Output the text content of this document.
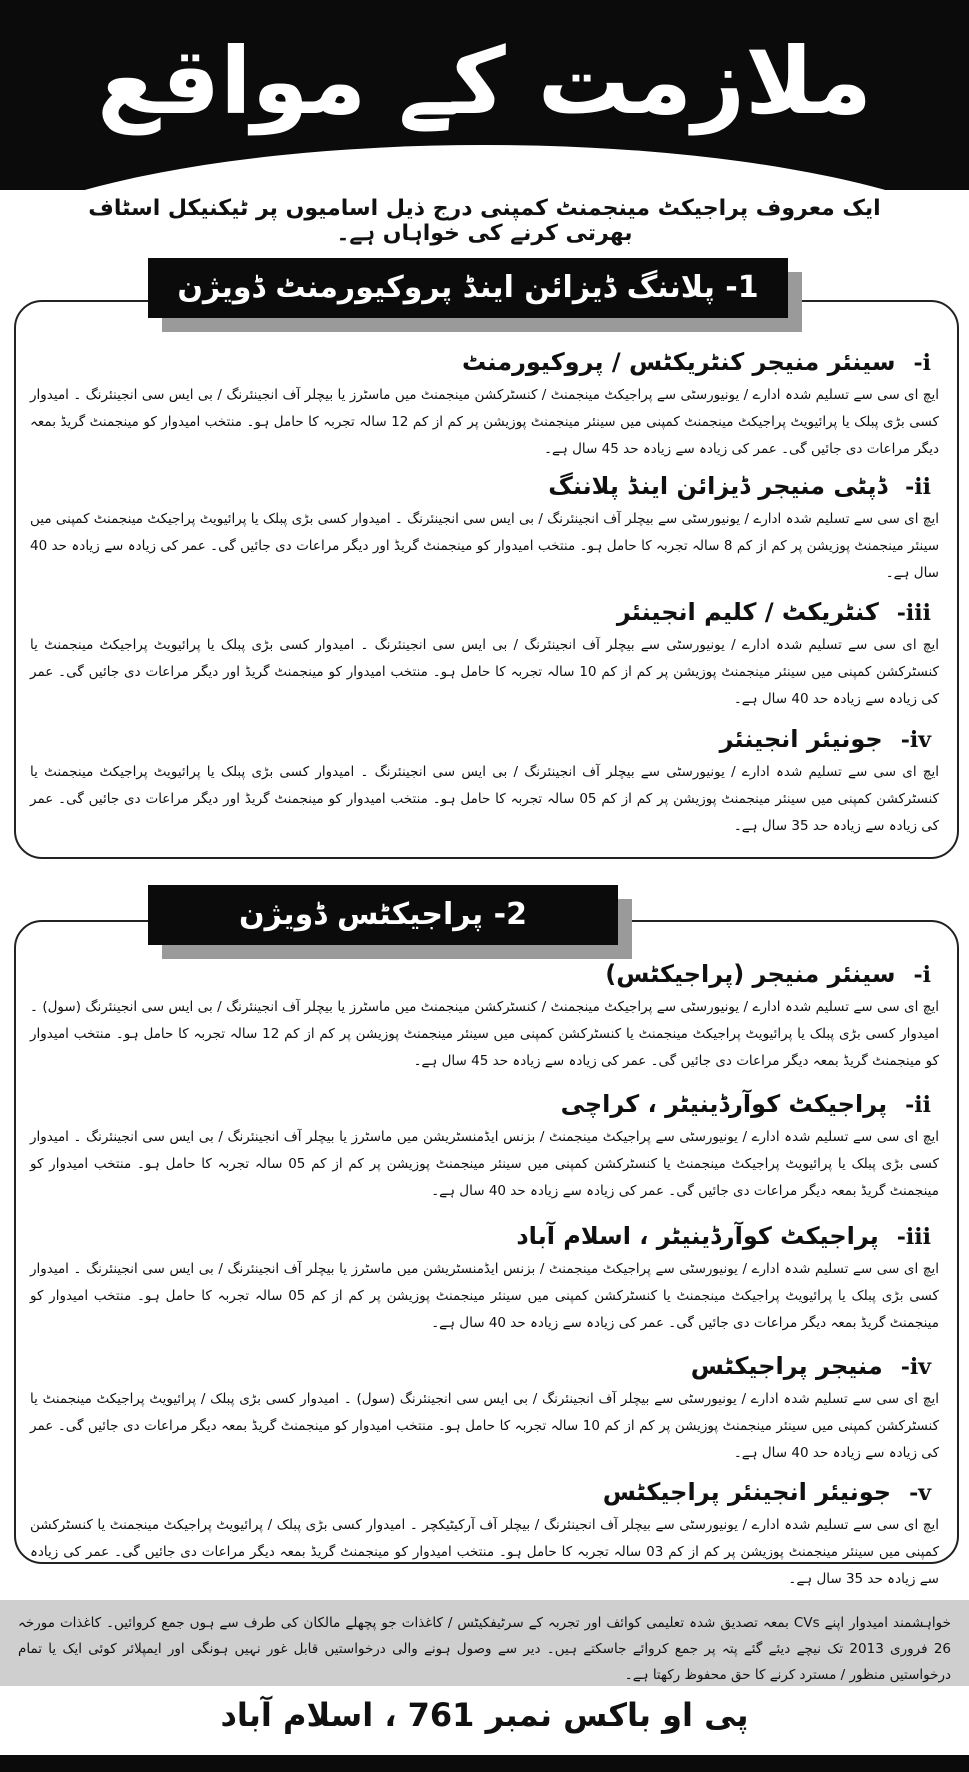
ملازمت کے مواقع
ایک معروف پراجیکٹ مینجمنٹ کمپنی درج ذیل اسامیوں پر ٹیکنیکل اسٹاف بھرتی کرنے کی خواہاں ہے۔
1- پلاننگ ڈیزائن اینڈ پروکیورمنٹ ڈویژن
-i
سینئر منیجر کنٹریکٹس / پروکیورمنٹ
ایچ ای سی سے تسلیم شدہ ادارے / یونیورسٹی سے پراجیکٹ مینجمنٹ / کنسٹرکشن مینجمنٹ میں ماسٹرز یا بیچلر آف انجینئرنگ / بی ایس سی انجینئرنگ ۔ امیدوار کسی بڑی پبلک یا پرائیویٹ پراجیکٹ مینجمنٹ کمپنی میں سینئر مینجمنٹ پوزیشن پر کم از کم 12 سالہ تجربہ کا حامل ہو۔ منتخب امیدوار کو مینجمنٹ گریڈ بمعہ دیگر مراعات دی جائیں گی۔ عمر کی زیادہ سے زیادہ حد 45 سال ہے۔
-ii
ڈپٹی منیجر ڈیزائن اینڈ پلاننگ
ایچ ای سی سے تسلیم شدہ ادارے / یونیورسٹی سے بیچلر آف انجینئرنگ / بی ایس سی انجینئرنگ ۔ امیدوار کسی بڑی پبلک یا پرائیویٹ پراجیکٹ مینجمنٹ کمپنی میں سینئر مینجمنٹ پوزیشن پر کم از کم 8 سالہ تجربہ کا حامل ہو۔ منتخب امیدوار کو مینجمنٹ گریڈ اور دیگر مراعات دی جائیں گی۔ عمر کی زیادہ سے زیادہ حد 40 سال ہے۔
-iii
کنٹریکٹ / کلیم انجینئر
ایچ ای سی سے تسلیم شدہ ادارے / یونیورسٹی سے بیچلر آف انجینئرنگ / بی ایس سی انجینئرنگ ۔ امیدوار کسی بڑی پبلک یا پرائیویٹ پراجیکٹ مینجمنٹ یا کنسٹرکشن کمپنی میں سینئر مینجمنٹ پوزیشن پر کم از کم 10 سالہ تجربہ کا حامل ہو۔ منتخب امیدوار کو مینجمنٹ گریڈ اور دیگر مراعات دی جائیں گی۔ عمر کی زیادہ سے زیادہ حد 40 سال ہے۔
-iv
جونیئر انجینئر
ایچ ای سی سے تسلیم شدہ ادارے / یونیورسٹی سے بیچلر آف انجینئرنگ / بی ایس سی انجینئرنگ ۔ امیدوار کسی بڑی پبلک یا پرائیویٹ پراجیکٹ مینجمنٹ یا کنسٹرکشن کمپنی میں سینئر مینجمنٹ پوزیشن پر کم از کم 05 سالہ تجربہ کا حامل ہو۔ منتخب امیدوار کو مینجمنٹ گریڈ اور دیگر مراعات دی جائیں گی۔ عمر کی زیادہ سے زیادہ حد 35 سال ہے۔
2- پراجیکٹس ڈویژن
-i
سینئر منیجر (پراجیکٹس)
ایچ ای سی سے تسلیم شدہ ادارے / یونیورسٹی سے پراجیکٹ مینجمنٹ / کنسٹرکشن مینجمنٹ میں ماسٹرز یا بیچلر آف انجینئرنگ / بی ایس سی انجینئرنگ (سول) ۔ امیدوار کسی بڑی پبلک یا پرائیویٹ پراجیکٹ مینجمنٹ یا کنسٹرکشن کمپنی میں سینئر مینجمنٹ پوزیشن پر کم از کم 12 سالہ تجربہ کا حامل ہو۔ منتخب امیدوار کو مینجمنٹ گریڈ بمعہ دیگر مراعات دی جائیں گی۔ عمر کی زیادہ سے زیادہ حد 45 سال ہے۔
-ii
پراجیکٹ کوآرڈینیٹر ، کراچی
ایچ ای سی سے تسلیم شدہ ادارے / یونیورسٹی سے پراجیکٹ مینجمنٹ / بزنس ایڈمنسٹریشن میں ماسٹرز یا بیچلر آف انجینئرنگ / بی ایس سی انجینئرنگ ۔ امیدوار کسی بڑی پبلک یا پرائیویٹ پراجیکٹ مینجمنٹ یا کنسٹرکشن کمپنی میں سینئر مینجمنٹ پوزیشن پر کم از کم 05 سالہ تجربہ کا حامل ہو۔ منتخب امیدوار کو مینجمنٹ گریڈ بمعہ دیگر مراعات دی جائیں گی۔ عمر کی زیادہ سے زیادہ حد 40 سال ہے۔
-iii
پراجیکٹ کوآرڈینیٹر ، اسلام آباد
ایچ ای سی سے تسلیم شدہ ادارے / یونیورسٹی سے پراجیکٹ مینجمنٹ / بزنس ایڈمنسٹریشن میں ماسٹرز یا بیچلر آف انجینئرنگ / بی ایس سی انجینئرنگ ۔ امیدوار کسی بڑی پبلک یا پرائیویٹ پراجیکٹ مینجمنٹ یا کنسٹرکشن کمپنی میں سینئر مینجمنٹ پوزیشن پر کم از کم 05 سالہ تجربہ کا حامل ہو۔ منتخب امیدوار کو مینجمنٹ گریڈ بمعہ دیگر مراعات دی جائیں گی۔ عمر کی زیادہ سے زیادہ حد 40 سال ہے۔
-iv
منیجر پراجیکٹس
ایچ ای سی سے تسلیم شدہ ادارے / یونیورسٹی سے بیچلر آف انجینئرنگ / بی ایس سی انجینئرنگ (سول) ۔ امیدوار کسی بڑی پبلک / پرائیویٹ پراجیکٹ مینجمنٹ یا کنسٹرکشن کمپنی میں سینئر مینجمنٹ پوزیشن پر کم از کم 10 سالہ تجربہ کا حامل ہو۔ منتخب امیدوار کو مینجمنٹ گریڈ بمعہ دیگر مراعات دی جائیں گی۔ عمر کی زیادہ سے زیادہ حد 40 سال ہے۔
-v
جونیئر انجینئر پراجیکٹس
ایچ ای سی سے تسلیم شدہ ادارے / یونیورسٹی سے بیچلر آف انجینئرنگ / بیچلر آف آرکیٹیکچر ۔ امیدوار کسی بڑی پبلک / پرائیویٹ پراجیکٹ مینجمنٹ یا کنسٹرکشن کمپنی میں سینئر مینجمنٹ پوزیشن پر کم از کم 03 سالہ تجربہ کا حامل ہو۔ منتخب امیدوار کو مینجمنٹ گریڈ بمعہ دیگر مراعات دی جائیں گی۔ عمر کی زیادہ سے زیادہ حد 35 سال ہے۔
خواہشمند امیدوار اپنے CVs بمعہ تصدیق شدہ تعلیمی کوائف اور تجربہ کے سرٹیفکیٹس / کاغذات جو پچھلے مالکان کی طرف سے ہوں جمع کروائیں۔ کاغذات مورخہ 26 فروری 2013 تک نیچے دیئے گئے پتہ پر جمع کروائے جاسکتے ہیں۔ دیر سے وصول ہونے والی درخواستیں قابل غور نہیں ہونگی اور ایمپلائر کوئی ایک یا تمام درخواستیں منظور / مسترد کرنے کا حق محفوظ رکھتا ہے۔
پی او باکس نمبر 761 ، اسلام آباد
